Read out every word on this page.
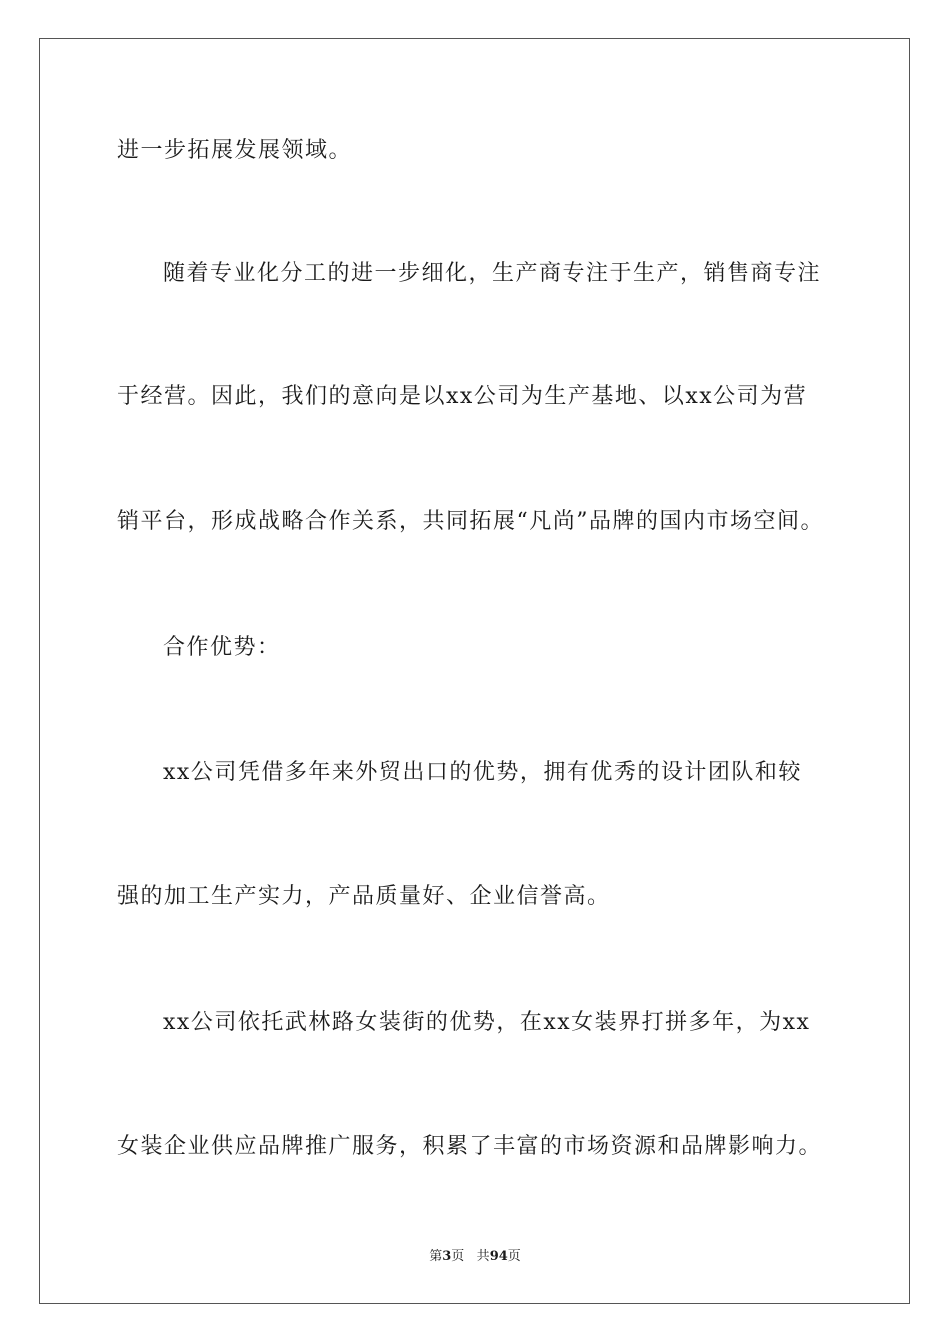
进一步拓展发展领域。
随着专业化分工的进一步细化，生产商专注于生产，销售商专注
于经营。因此，我们的意向是以xx公司为生产基地、以xx公司为营
销平台，形成战略合作关系，共同拓展“凡尚”品牌的国内市场空间。
合作优势：
xx公司凭借多年来外贸出口的优势，拥有优秀的设计团队和较
强的加工生产实力，产品质量好、企业信誉高。
xx公司依托武林路女装街的优势，在xx女装界打拼多年，为xx
女装企业供应品牌推广服务，积累了丰富的市场资源和品牌影响力。
第3页 共94页
